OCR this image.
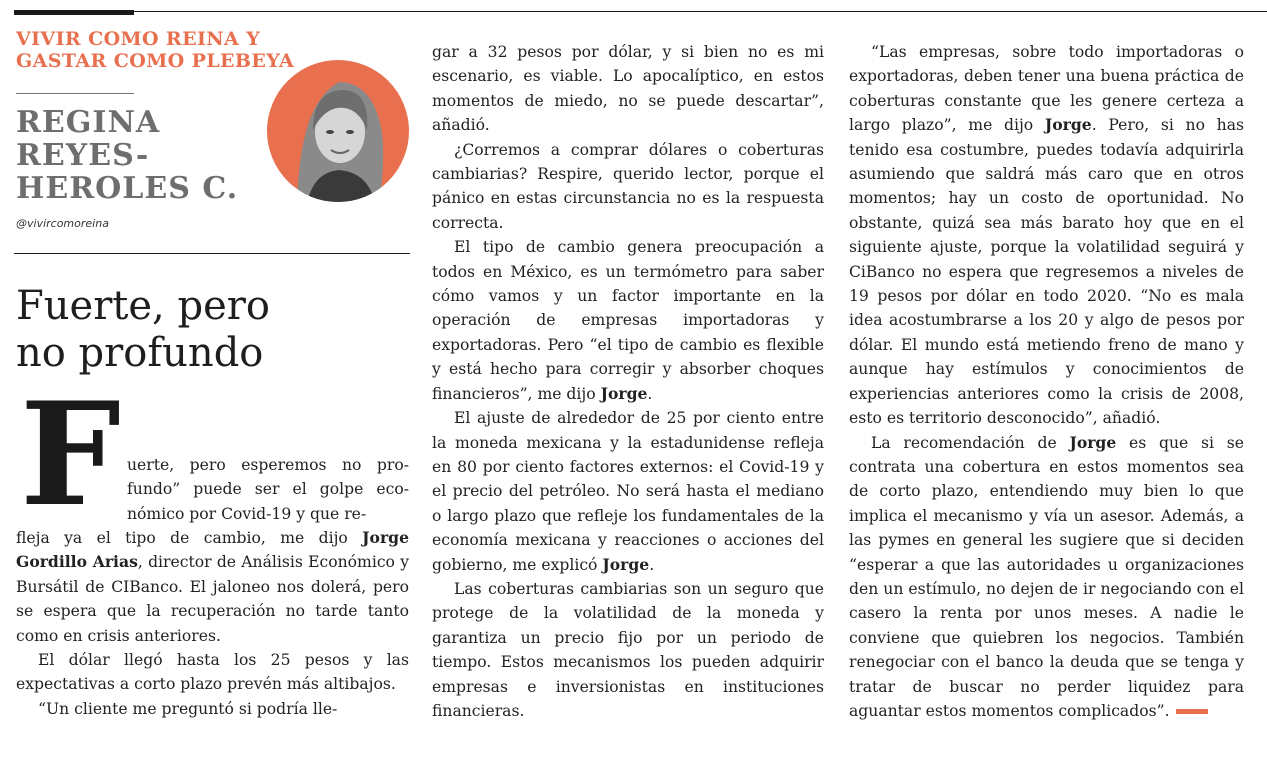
VIVIR COMO REINA Y
GASTAR COMO PLEBEYA
REGINA
REYES-
HEROLES C.
@vivircomoreina
Fuerte, pero
no profundo
F uerte, pero esperemos no pro- fundo” puede ser el golpe eco- nómico por Covid-19 y que re-

fleja ya el tipo de cambio, me dijo Jorge Gordillo Arias, director de Análisis Económico y Bursátil de CIBanco. El jaloneo nos dolerá, pero se espera que la recuperación no tarde tanto como en crisis anteriores.

El dólar llegó hasta los 25 pesos y las expectativas a corto plazo prevén más altibajos.

“Un cliente me preguntó si podría lle-

gar a 32 pesos por dólar, y si bien no es mi escenario, es viable. Lo apocalíptico, en estos momentos de miedo, no se puede descartar”, añadió.

¿Corremos a comprar dólares o coberturas cambiarias? Respire, querido lector, porque el pánico en estas circunstancia no es la respuesta correcta.

El tipo de cambio genera preocupación a todos en México, es un termómetro para saber cómo vamos y un factor importante en la operación de empresas importadoras y exportadoras. Pero “el tipo de cambio es flexible y está hecho para corregir y absorber choques financieros”, me dijo Jorge.

El ajuste de alrededor de 25 por ciento entre la moneda mexicana y la estadunidense refleja en 80 por ciento factores externos: el Covid-19 y el precio del petróleo. No será hasta el mediano o largo plazo que refleje los fundamentales de la economía mexicana y reacciones o acciones del gobierno, me explicó Jorge.

Las coberturas cambiarias son un seguro que protege de la volatilidad de la moneda y garantiza un precio fijo por un periodo de tiempo. Estos mecanismos los pueden adquirir empresas e inversionistas en instituciones financieras.

“Las empresas, sobre todo importadoras o exportadoras, deben tener una buena práctica de coberturas constante que les genere certeza a largo plazo”, me dijo Jorge. Pero, si no has tenido esa costumbre, puedes todavía adquirirla asumiendo que saldrá más caro que en otros momentos; hay un costo de oportunidad. No obstante, quizá sea más barato hoy que en el siguiente ajuste, porque la volatilidad seguirá y CiBanco no espera que regresemos a niveles de 19 pesos por dólar en todo 2020. “No es mala idea acostumbrarse a los 20 y algo de pesos por dólar. El mundo está metiendo freno de mano y aunque hay estímulos y conocimientos de experiencias anteriores como la crisis de 2008, esto es territorio desconocido”, añadió.

La recomendación de Jorge es que si se contrata una cobertura en estos momentos sea de corto plazo, entendiendo muy bien lo que implica el mecanismo y vía un asesor. Además, a las pymes en general les sugiere que si deciden “esperar a que las autoridades u organizaciones den un estímulo, no dejen de ir negociando con el casero la renta por unos meses. A nadie le conviene que quiebren los negocios. También renegociar con el banco la deuda que se tenga y tratar de buscar no perder liquidez para aguantar estos momentos complicados”.
